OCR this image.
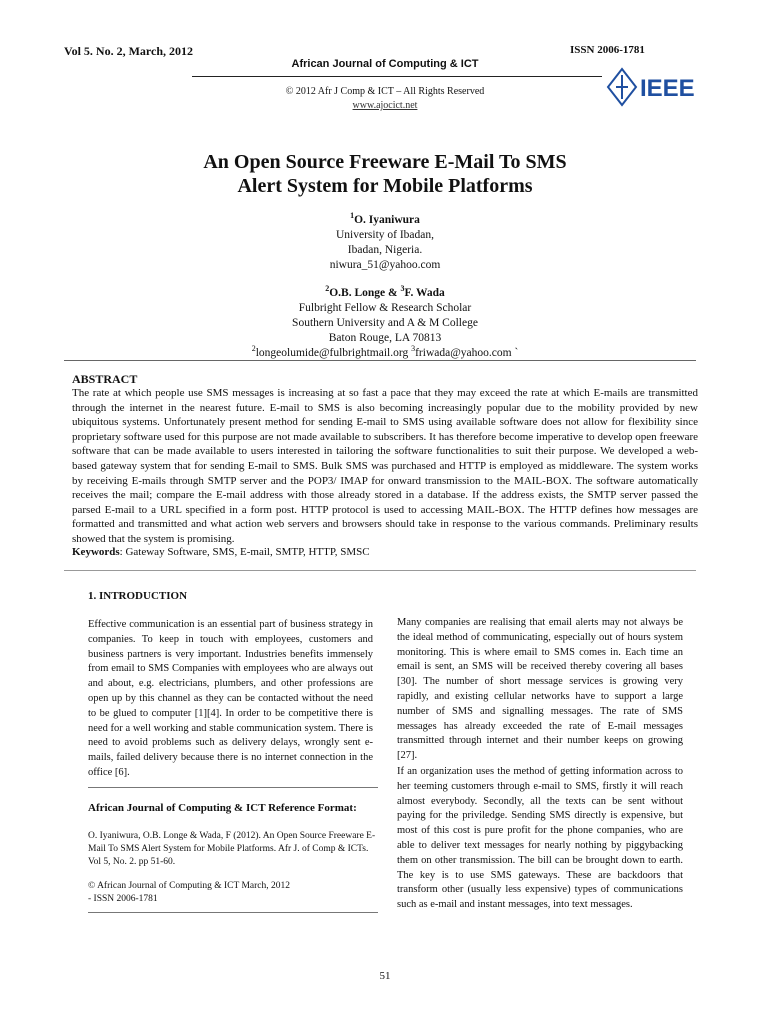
Vol 5. No. 2, March, 2012	ISSN 2006-1781
African Journal of Computing & ICT
IEEE
© 2012 Afr J Comp & ICT – All Rights Reserved
www.ajocict.net
An Open Source Freeware E-Mail To SMS
Alert System for Mobile Platforms
$^1$O. Iyaniwura
University of Ibadan,
Ibadan, Nigeria.
niwura_51@yahoo.com
$^2$O.B. Longe & $^3$F. Wada
Fulbright Fellow & Research Scholar
Southern University and A & M College
Baton Rouge, LA 70813
$^2$longeolumide@fulbrightmail.org $^3$friwada@yahoo.com `
ABSTRACT
The rate at which people use SMS messages is increasing at so fast a pace that they may exceed the rate at which E-mails are transmitted through the internet in the nearest future. E-mail to SMS is also becoming increasingly popular due to the mobility provided by new ubiquitous systems. Unfortunately present method for sending E-mail to SMS using available software does not allow for flexibility since proprietary software used for this purpose are not made available to subscribers. It has therefore become imperative to develop open freeware software that can be made available to users interested in tailoring the software functionalities to suit their purpose. We developed a web-based gateway system that for sending E-mail to SMS. Bulk SMS was purchased and HTTP is employed as middleware. The system works by receiving E-mails through SMTP server and the POP3/ IMAP for onward transmission to the MAIL-BOX. The software automatically receives the mail; compare the E-mail address with those already stored in a database. If the address exists, the SMTP server passed the parsed E-mail to a URL specified in a form post. HTTP protocol is used to accessing MAIL-BOX. The HTTP defines how messages are formatted and transmitted and what action web servers and browsers should take in response to the various commands. Preliminary results showed that the system is promising.
Keywords: Gateway Software, SMS, E-mail, SMTP, HTTP, SMSC
1. INTRODUCTION
Effective communication is an essential part of business strategy in companies. To keep in touch with employees, customers and business partners is very important. Industries benefits immensely from email to SMS Companies with employees who are always out and about, e.g. electricians, plumbers, and other professions are open up by this channel as they can be contacted without the need to be glued to computer [1][4]. In order to be competitive there is need for a well working and stable communication system. There is need to avoid problems such as delivery delays, wrongly sent e-mails, failed delivery because there is no internet connection in the office [6].
Many companies are realising that email alerts may not always be the ideal method of communicating, especially out of hours system monitoring. This is where email to SMS comes in. Each time an email is sent, an SMS will be received thereby covering all bases [30]. The number of short message services is growing very rapidly, and existing cellular networks have to support a large number of SMS and signalling messages. The rate of SMS messages has already exceeded the rate of E-mail messages transmitted through internet and their number keeps on growing [27].
If an organization uses the method of getting information across to her teeming customers through e-mail to SMS, firstly it will reach almost everybody. Secondly, all the texts can be sent without paying for the priviledge. Sending SMS directly is expensive, but most of this cost is pure profit for the phone companies, who are able to deliver text messages for nearly nothing by piggybacking them on other transmission. The bill can be brought down to earth. The key is to use SMS gateways. These are backdoors that transform other (usually less expensive) types of communications such as e-mail and instant messages, into text messages.
African Journal of Computing & ICT Reference Format:
O. Iyaniwura, O.B. Longe & Wada, F (2012). An Open Source Freeware E-Mail To SMS Alert System for Mobile Platforms. Afr J. of Comp & ICTs. Vol 5, No. 2. pp 51-60.
© African Journal of Computing & ICT March, 2012
- ISSN 2006-1781
51
